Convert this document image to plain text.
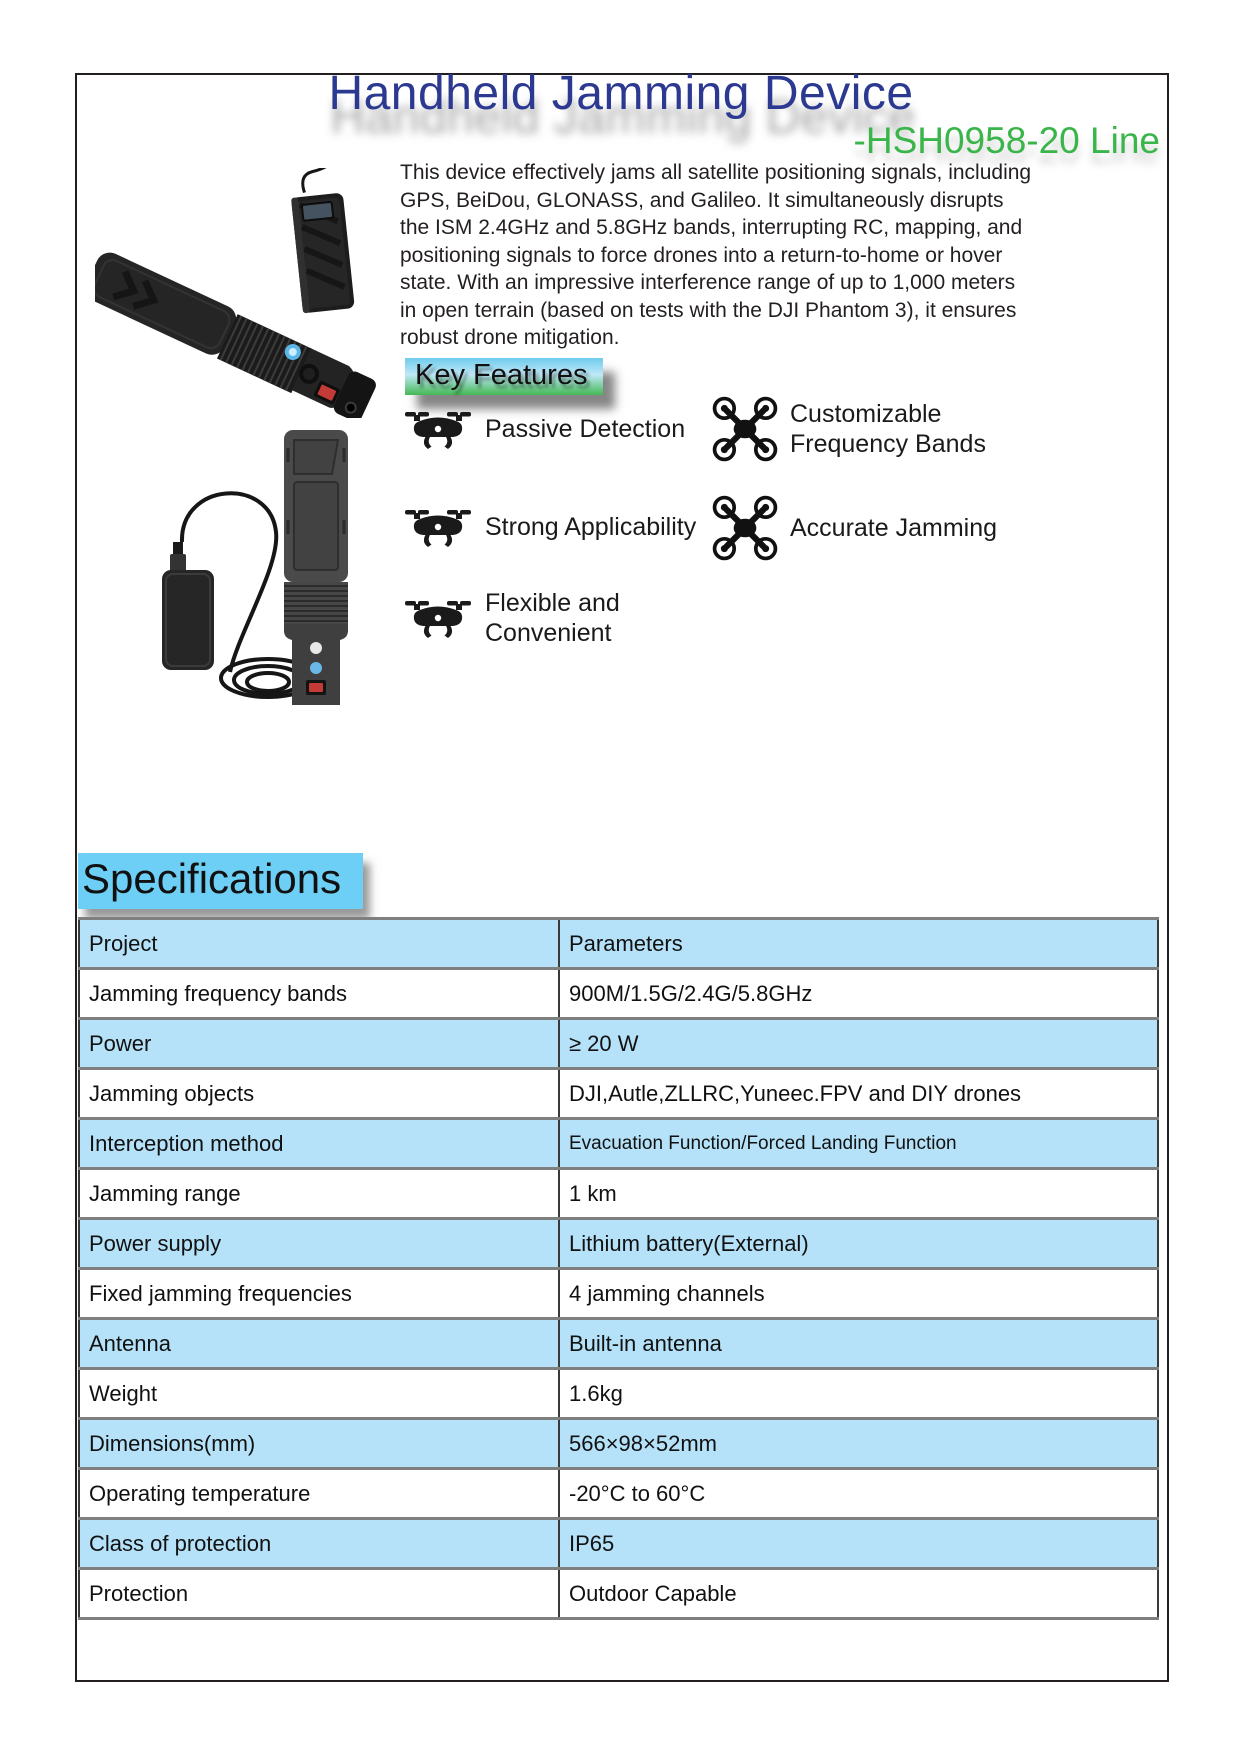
Handheld Jamming Device
-HSH0958-20 Line
This device effectively jams all satellite positioning signals, including GPS, BeiDou, GLONASS, and Galileo. It simultaneously disrupts the ISM 2.4GHz and 5.8GHz bands, interrupting RC, mapping, and positioning signals to force drones into a return-to-home or hover state. With an impressive interference range of up to 1,000 meters in open terrain (based on tests with the DJI Phantom 3), it ensures robust drone mitigation.
Key Features
Passive Detection
Customizable Frequency Bands
Strong Applicability	Accurate Jamming
Flexible and Convenient
Specifications
Project	Parameters
Jamming frequency bands	900M/1.5G/2.4G/5.8GHz
Power	≥ 20 W
Jamming objects	DJI,Autle,ZLLRC,Yuneec.FPV and DIY drones
Interception method	Evacuation Function/Forced Landing Function
Jamming range	1 km
Power supply	Lithium battery(External)
Fixed jamming frequencies	4 jamming channels
Antenna	Built-in antenna
Weight	1.6kg
Dimensions(mm)	566×98×52mm
Operating temperature	-20°C to 60°C
Class of protection	IP65
Protection	Outdoor Capable
